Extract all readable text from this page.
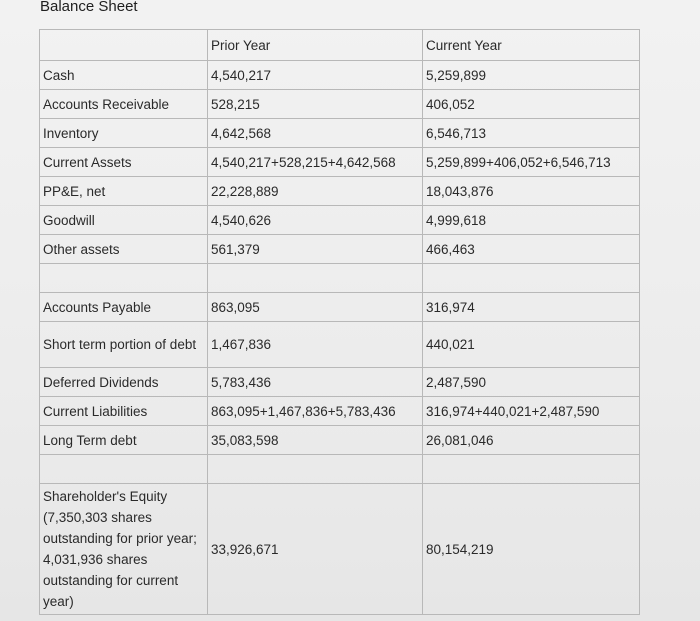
Balance Sheet
	Prior Year	Current Year
Cash	4,540,217	5,259,899
Accounts Receivable	528,215	406,052
Inventory	4,642,568	6,546,713
Current Assets	4,540,217+528,215+4,642,568	5,259,899+406,052+6,546,713
PP&E, net	22,228,889	18,043,876
Goodwill	4,540,626	4,999,618
Other assets	561,379	466,463

Accounts Payable	863,095	316,974
Short term portion of debt	1,467,836	440,021
Deferred Dividends	5,783,436	2,487,590
Current Liabilities	863,095+1,467,836+5,783,436	316,974+440,021+2,487,590
Long Term debt	35,083,598	26,081,046

Shareholder's Equity (7,350,303 shares outstanding for prior year; 4,031,936 shares outstanding for current year)	33,926,671	80,154,219
